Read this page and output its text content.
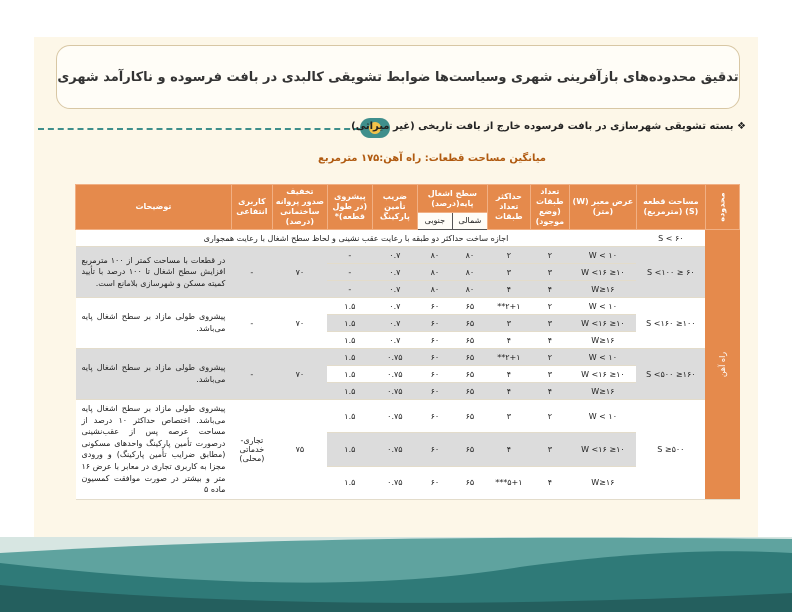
تدقیق محدوده‌های بازآفرینی شهری وسیاست‌ها ضوابط تشویقی کالبدی در بافت فرسوده و ناکارآمد شهری
❖ بسته تشویقی شهرسازی در بافت فرسوده خارج از بافت تاریخی (غیر میراثی)
میانگین مساحت قطعات: راه آهن:۱۷۵ مترمربع
محدوده	مساحت قطعه (S) (مترمربع)	عرض معبر (W) (متر)	تعداد طبقات (وضع موجود)	حداکثر تعداد طبقات	سطح اشغال پایه(درصد)		ضریب تأمین پارکینگ	پیشروی (در طول قطعه)*	تخفیف صدور پروانه ساختمانی (درصد)	کاربری انتفاعی	توضیحات
					شمالی	جنوبی					
راه آهن	S < ۶۰	اجازه ساخت حداکثر دو طبقه با رعایت عقب نشینی و لحاظ سطح اشغال با رعایت همجواری									
	۶۰ ≤ S <۱۰۰	W < ۱۰	۲	۲	۸۰	۸۰	۰.۷	-	۷۰	-	در قطعات با مساحت کمتر از ۱۰۰ مترمربع افزایش سطح اشغال تا ۱۰۰ درصد با تأیید کمیته مسکن و شهرسازی بلامانع است.
		۱۰≤ W <۱۶	۳	۳	۸۰	۸۰	۰.۷	-			
		W≥۱۶	۴	۴	۸۰	۸۰	۰.۷	-			
	۱۰۰≤ S <۱۶۰	W < ۱۰	۲	۲+۱**	۶۵	۶۰	۰.۷	۱.۵	۷۰	-	پیشروی طولی مازاد بر سطح اشغال پایه می‌باشد.
		۱۰≤ W <۱۶	۳	۳	۶۵	۶۰	۰.۷	۱.۵			
		W≥۱۶	۴	۴	۶۵	۶۰	۰.۷	۱.۵			
	۱۶۰≤ S <۵۰۰	W < ۱۰	۲	۲+۱**	۶۵	۶۰	۰.۷۵	۱.۵	۷۰	-	پیشروی طولی مازاد بر سطح اشغال پایه می‌باشد.
		۱۰≤ W <۱۶	۳	۴	۶۵	۶۰	۰.۷۵	۱.۵			
		W≥۱۶	۴	۴	۶۵	۶۰	۰.۷۵	۱.۵			
	S ≥۵۰۰	W < ۱۰	۲	۳	۶۵	۶۰	۰.۷۵	۱.۵	۷۵	تجاری-خدماتی (محلی)	پیشروی طولی مازاد بر سطح اشغال پایه می‌باشد. اختصاص حداکثر ۱۰ درصد از مساحت عرصه پس از عقب‌نشینی درصورت تأمین پارکینگ واحدهای مسکونی (مطابق ضرایب تأمین پارکینگ) و ورودی مجزا به کاربری تجاری در معابر با عرض ۱۶ متر و بیشتر در صورت موافقت کمسیون ماده ۵
		۱۰≤ W <۱۶	۳	۴	۶۵	۶۰	۰.۷۵	۱.۵			
		W≥۱۶	۴	۵+۱***	۶۵	۶۰	۰.۷۵	۱.۵			
